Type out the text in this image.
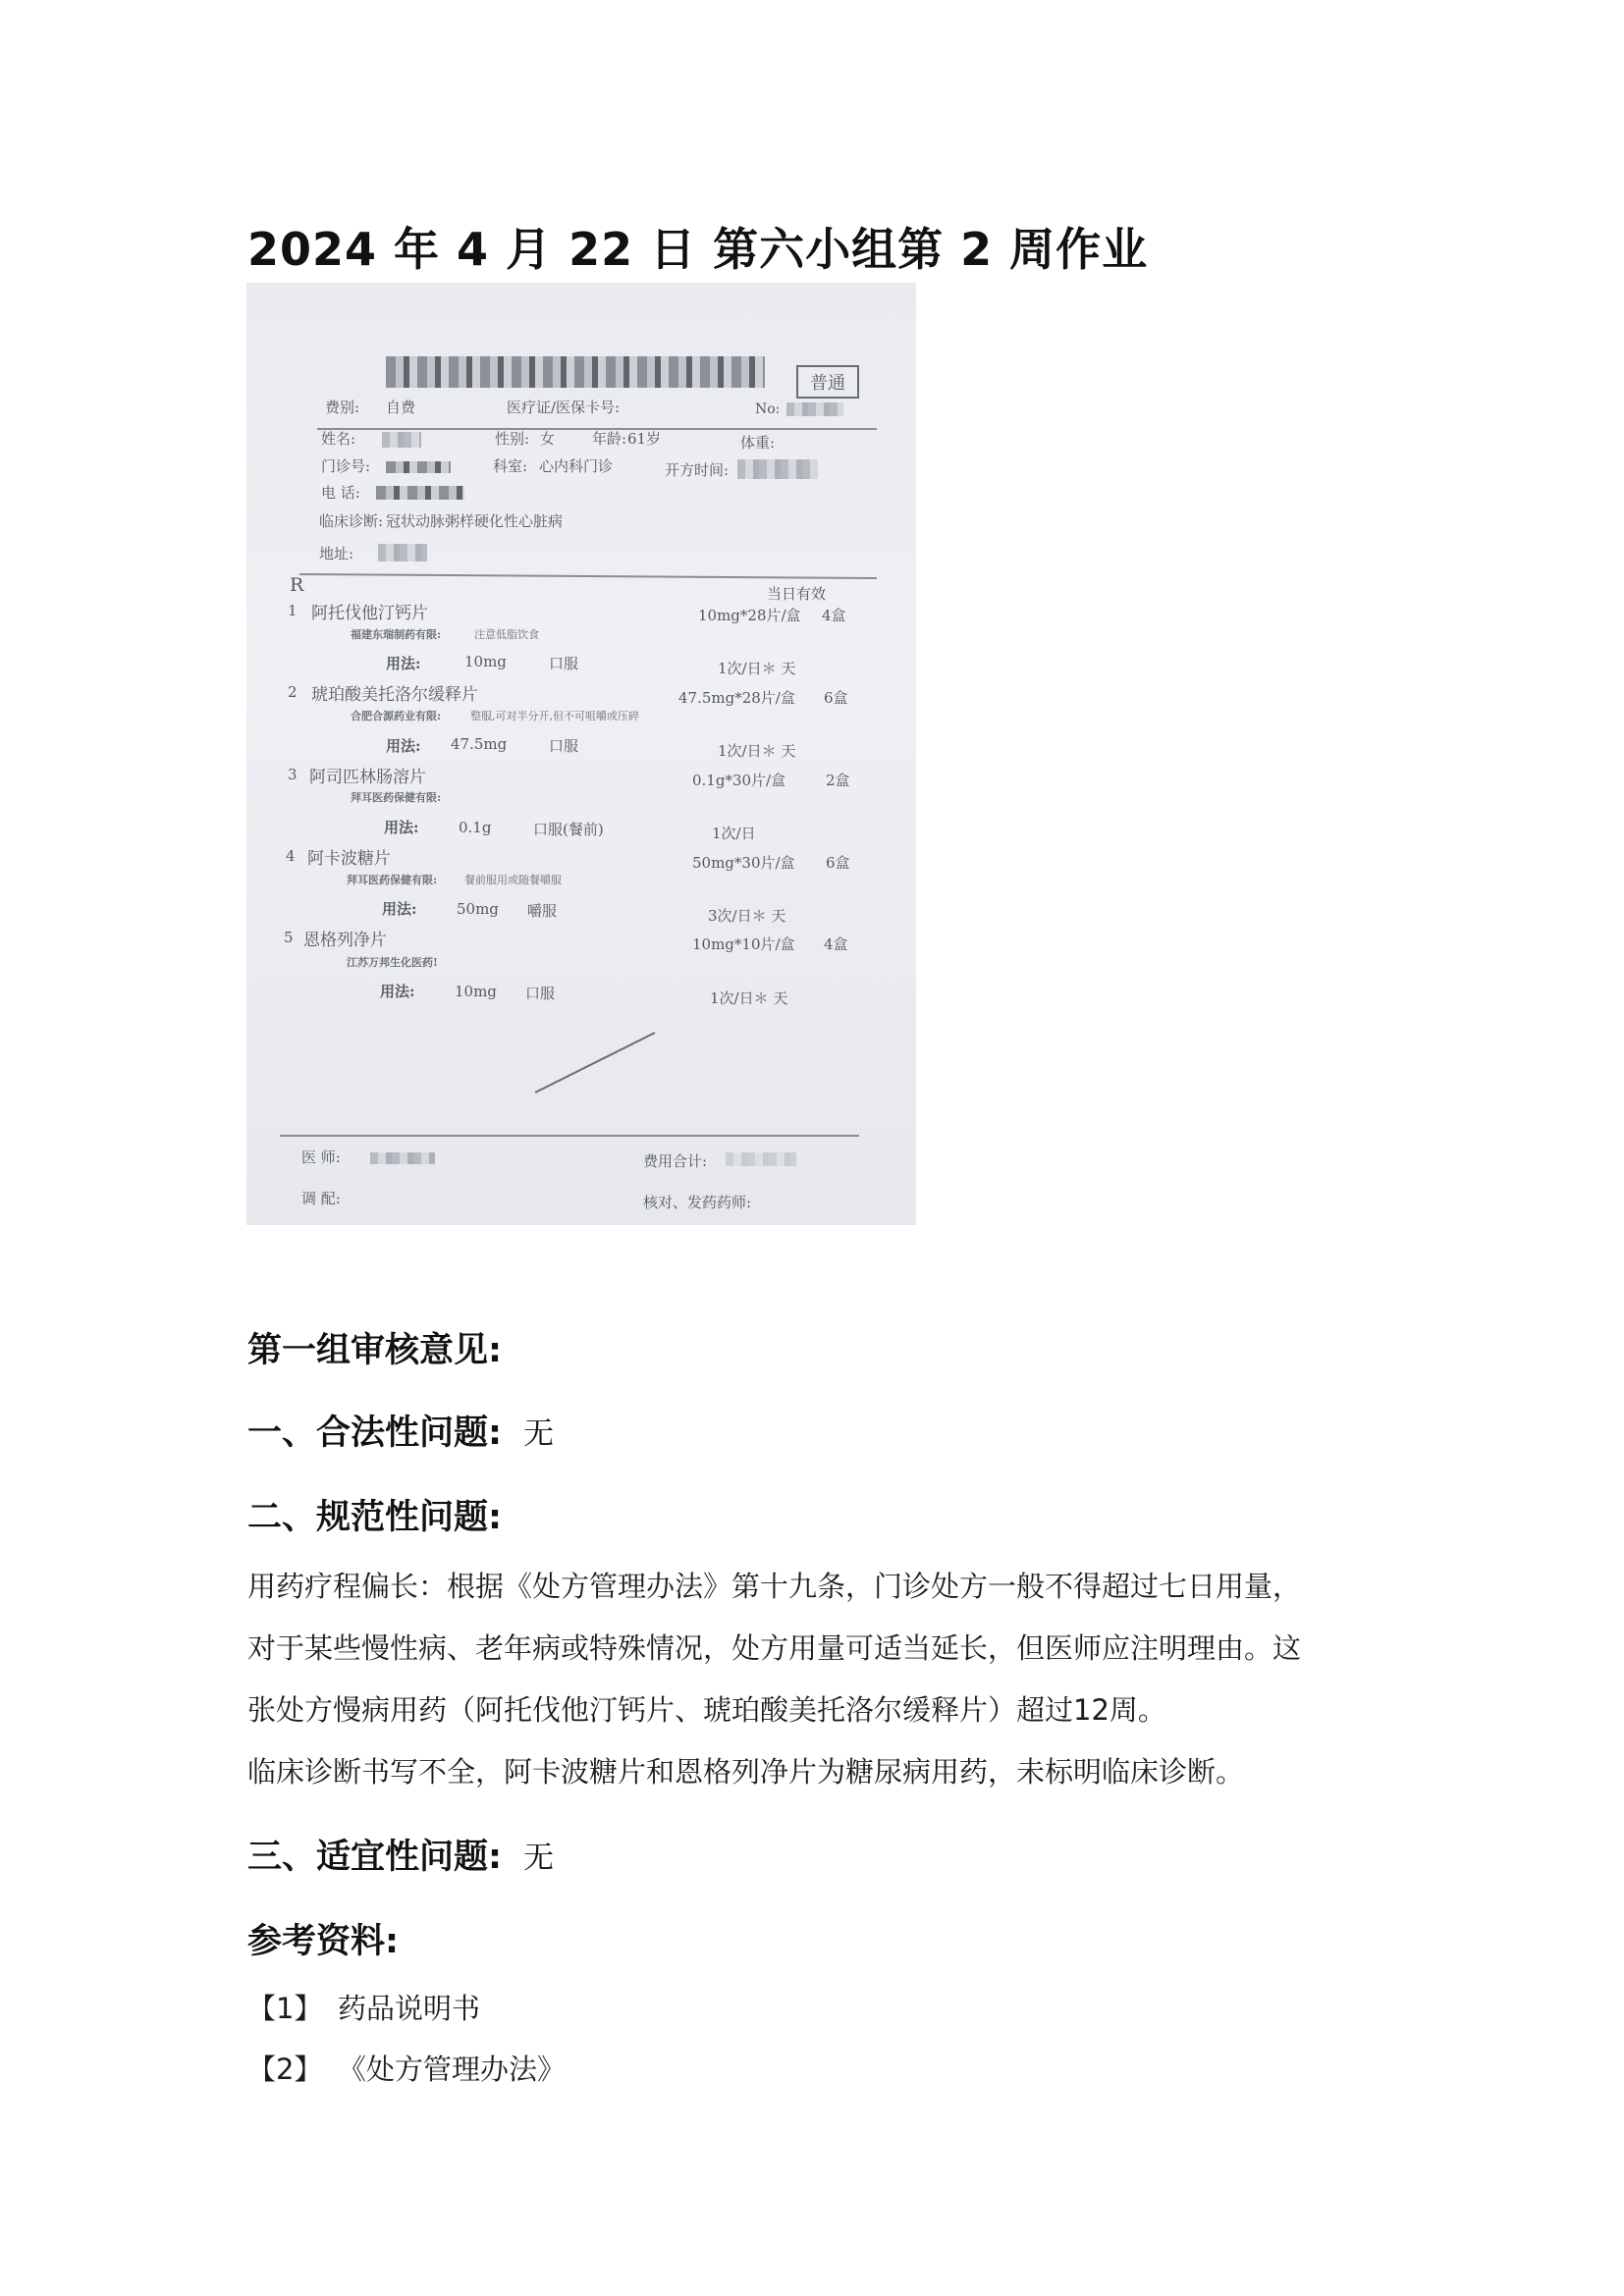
2024 年 4 月 22 日 第六小组第 2 周作业
普通
费别: 自费	医疗证/医保卡号:	No:
姓名:	性别: 女	年龄: 61岁	体重:
门诊号:	科室: 心内科门诊	开方时间:
电 话:
临床诊断: 冠状动脉粥样硬化性心脏病
地址:
R	当日有效
1 阿托伐他汀钙片	10mg*28片/盒 4盒
福建东瑞制药有限:	注意低脂饮食
用法:	10mg	口服	1次/日＊ 天
2 琥珀酸美托洛尔缓释片	47.5mg*28片/盒 6盒
合肥合源药业有限:	整服,可对半分开,但不可咀嚼或压碎
用法: 47.5mg	口服	1次/日＊ 天
3 阿司匹林肠溶片	0.1g*30片/盒	2盒
拜耳医药保健有限:
用法:	0.1g	口服(餐前)	1次/日
4 阿卡波糖片	50mg*30片/盒 6盒
拜耳医药保健有限:	餐前服用或随餐嚼服
用法:	50mg 嚼服	3次/日＊ 天
5 恩格列净片	10mg*10片/盒 4盒
江苏万邦生化医药!
用法:	10mg 口服	1次/日＊ 天
医 师:	费用合计:
调 配:	核对、发药药师:
第一组审核意见:
一、合法性问题: 无
二、规范性问题:

用药疗程偏长：根据《处方管理办法》第十九条，门诊处方一般不得超过七日用量，

对于某些慢性病、老年病或特殊情况，处方用量可适当延长，但医师应注明理由。这

张处方慢病用药（阿托伐他汀钙片、琥珀酸美托洛尔缓释片）超过12周。

临床诊断书写不全，阿卡波糖片和恩格列净片为糖尿病用药，未标明临床诊断。

三、适宜性问题: 无
参考资料:

【1】 药品说明书

【2】 《处方管理办法》
